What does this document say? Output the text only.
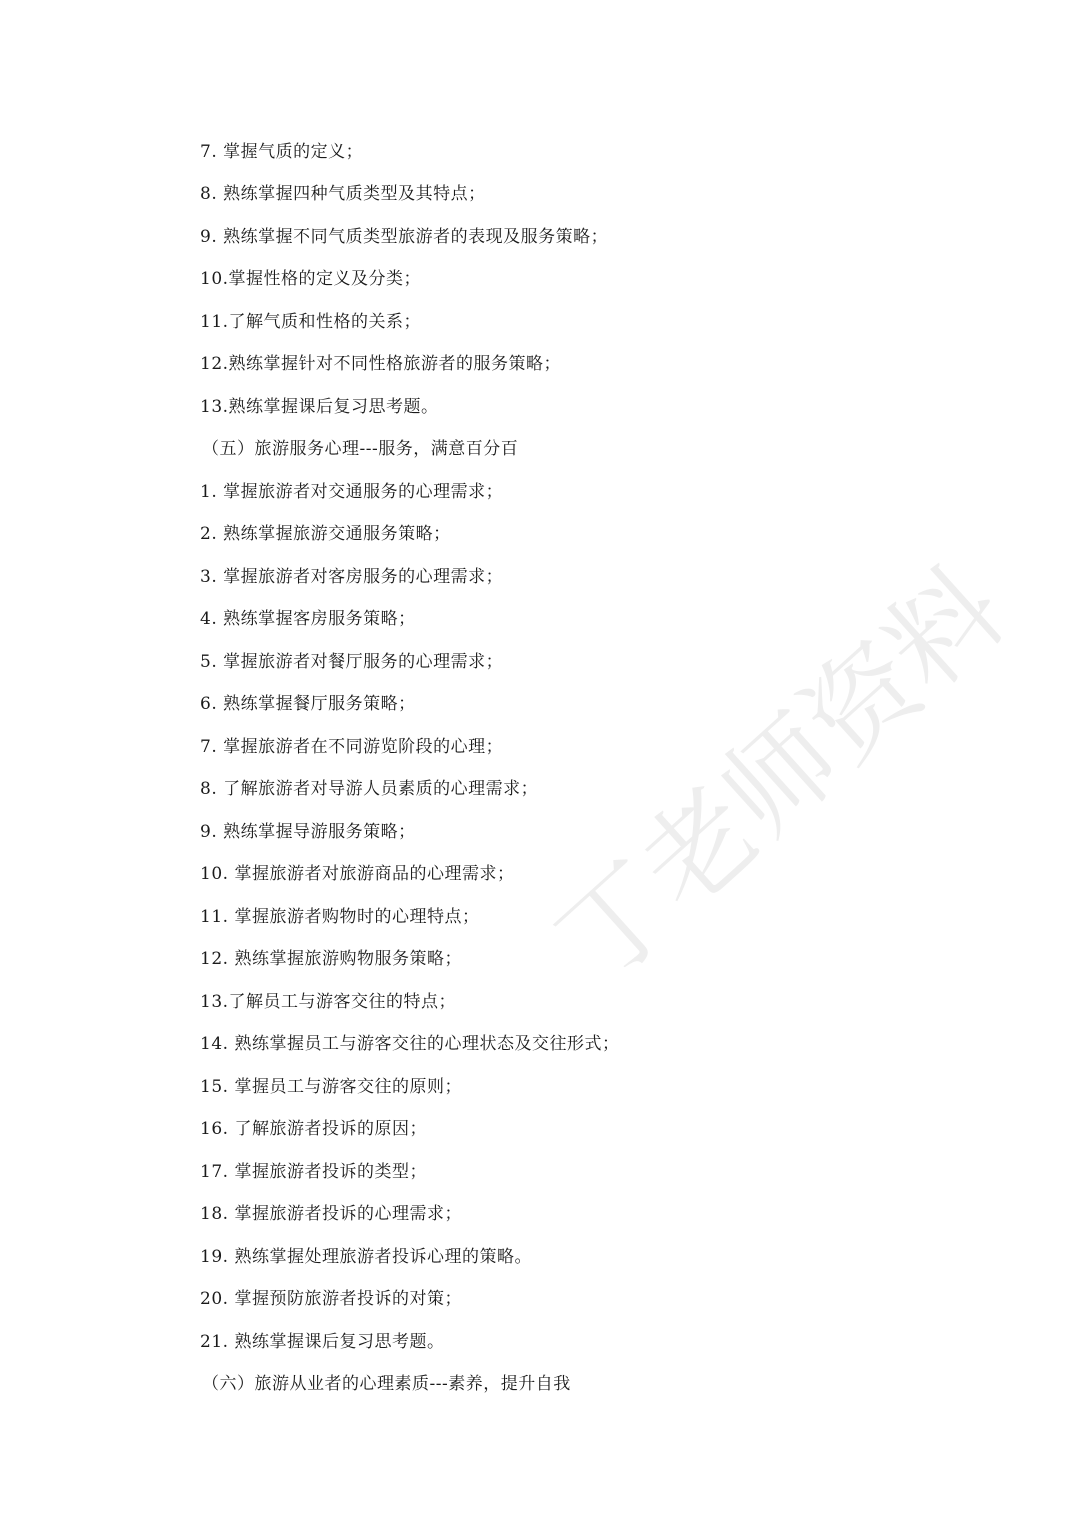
7. 掌握气质的定义；
8. 熟练掌握四种气质类型及其特点；
9. 熟练掌握不同气质类型旅游者的表现及服务策略；
10.掌握性格的定义及分类；
11.了解气质和性格的关系；
12.熟练掌握针对不同性格旅游者的服务策略；
13.熟练掌握课后复习思考题。
（五）旅游服务心理---服务，满意百分百
1. 掌握旅游者对交通服务的心理需求；
2. 熟练掌握旅游交通服务策略；
3. 掌握旅游者对客房服务的心理需求；
4. 熟练掌握客房服务策略；
5. 掌握旅游者对餐厅服务的心理需求；
6. 熟练掌握餐厅服务策略；
7. 掌握旅游者在不同游览阶段的心理；
8. 了解旅游者对导游人员素质的心理需求；
9. 熟练掌握导游服务策略；
10. 掌握旅游者对旅游商品的心理需求；
11. 掌握旅游者购物时的心理特点；
12. 熟练掌握旅游购物服务策略；
13.了解员工与游客交往的特点；
14. 熟练掌握员工与游客交往的心理状态及交往形式；
15. 掌握员工与游客交往的原则；
16. 了解旅游者投诉的原因；
17. 掌握旅游者投诉的类型；
18. 掌握旅游者投诉的心理需求；
19. 熟练掌握处理旅游者投诉心理的策略。
20. 掌握预防旅游者投诉的对策；
21. 熟练掌握课后复习思考题。
（六）旅游从业者的心理素质---素养，提升自我
丁老师资料
